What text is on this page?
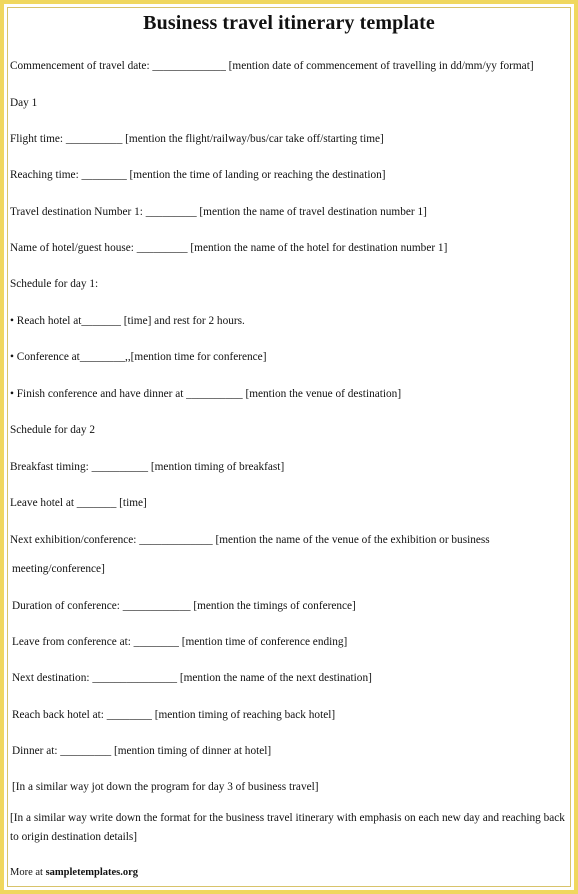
Business travel itinerary template
Commencement of travel date: _____________ [mention date of commencement of travelling in dd/mm/yy format]
Day 1
Flight time: __________ [mention the flight/railway/bus/car take off/starting time]
Reaching time: ________ [mention the time of landing or reaching the destination]
Travel destination Number 1: _________ [mention the name of travel destination number 1]
Name of hotel/guest house: _________ [mention the name of the hotel for destination number 1]
Schedule for day 1:
• Reach hotel at_______ [time] and rest for 2 hours.
• Conference at________,,[mention time for conference]
• Finish conference and have dinner at __________ [mention the venue of destination]
Schedule for day 2
Breakfast timing: __________ [mention timing of breakfast]
Leave hotel at _______ [time]
Next exhibition/conference: _____________ [mention the name of the venue of the exhibition or business
meeting/conference]
Duration of conference: ____________ [mention the timings of conference]
Leave from conference at: ________ [mention time of conference ending]
Next destination: _______________ [mention the name of the next destination]
Reach back hotel at: ________ [mention timing of reaching back hotel]
Dinner at: _________ [mention timing of dinner at hotel]
[In a similar way jot down the program for day 3 of business travel]
[In a similar way write down the format for the business travel itinerary with emphasis on each new day and reaching back to origin destination details]
More at sampletemplates.org
